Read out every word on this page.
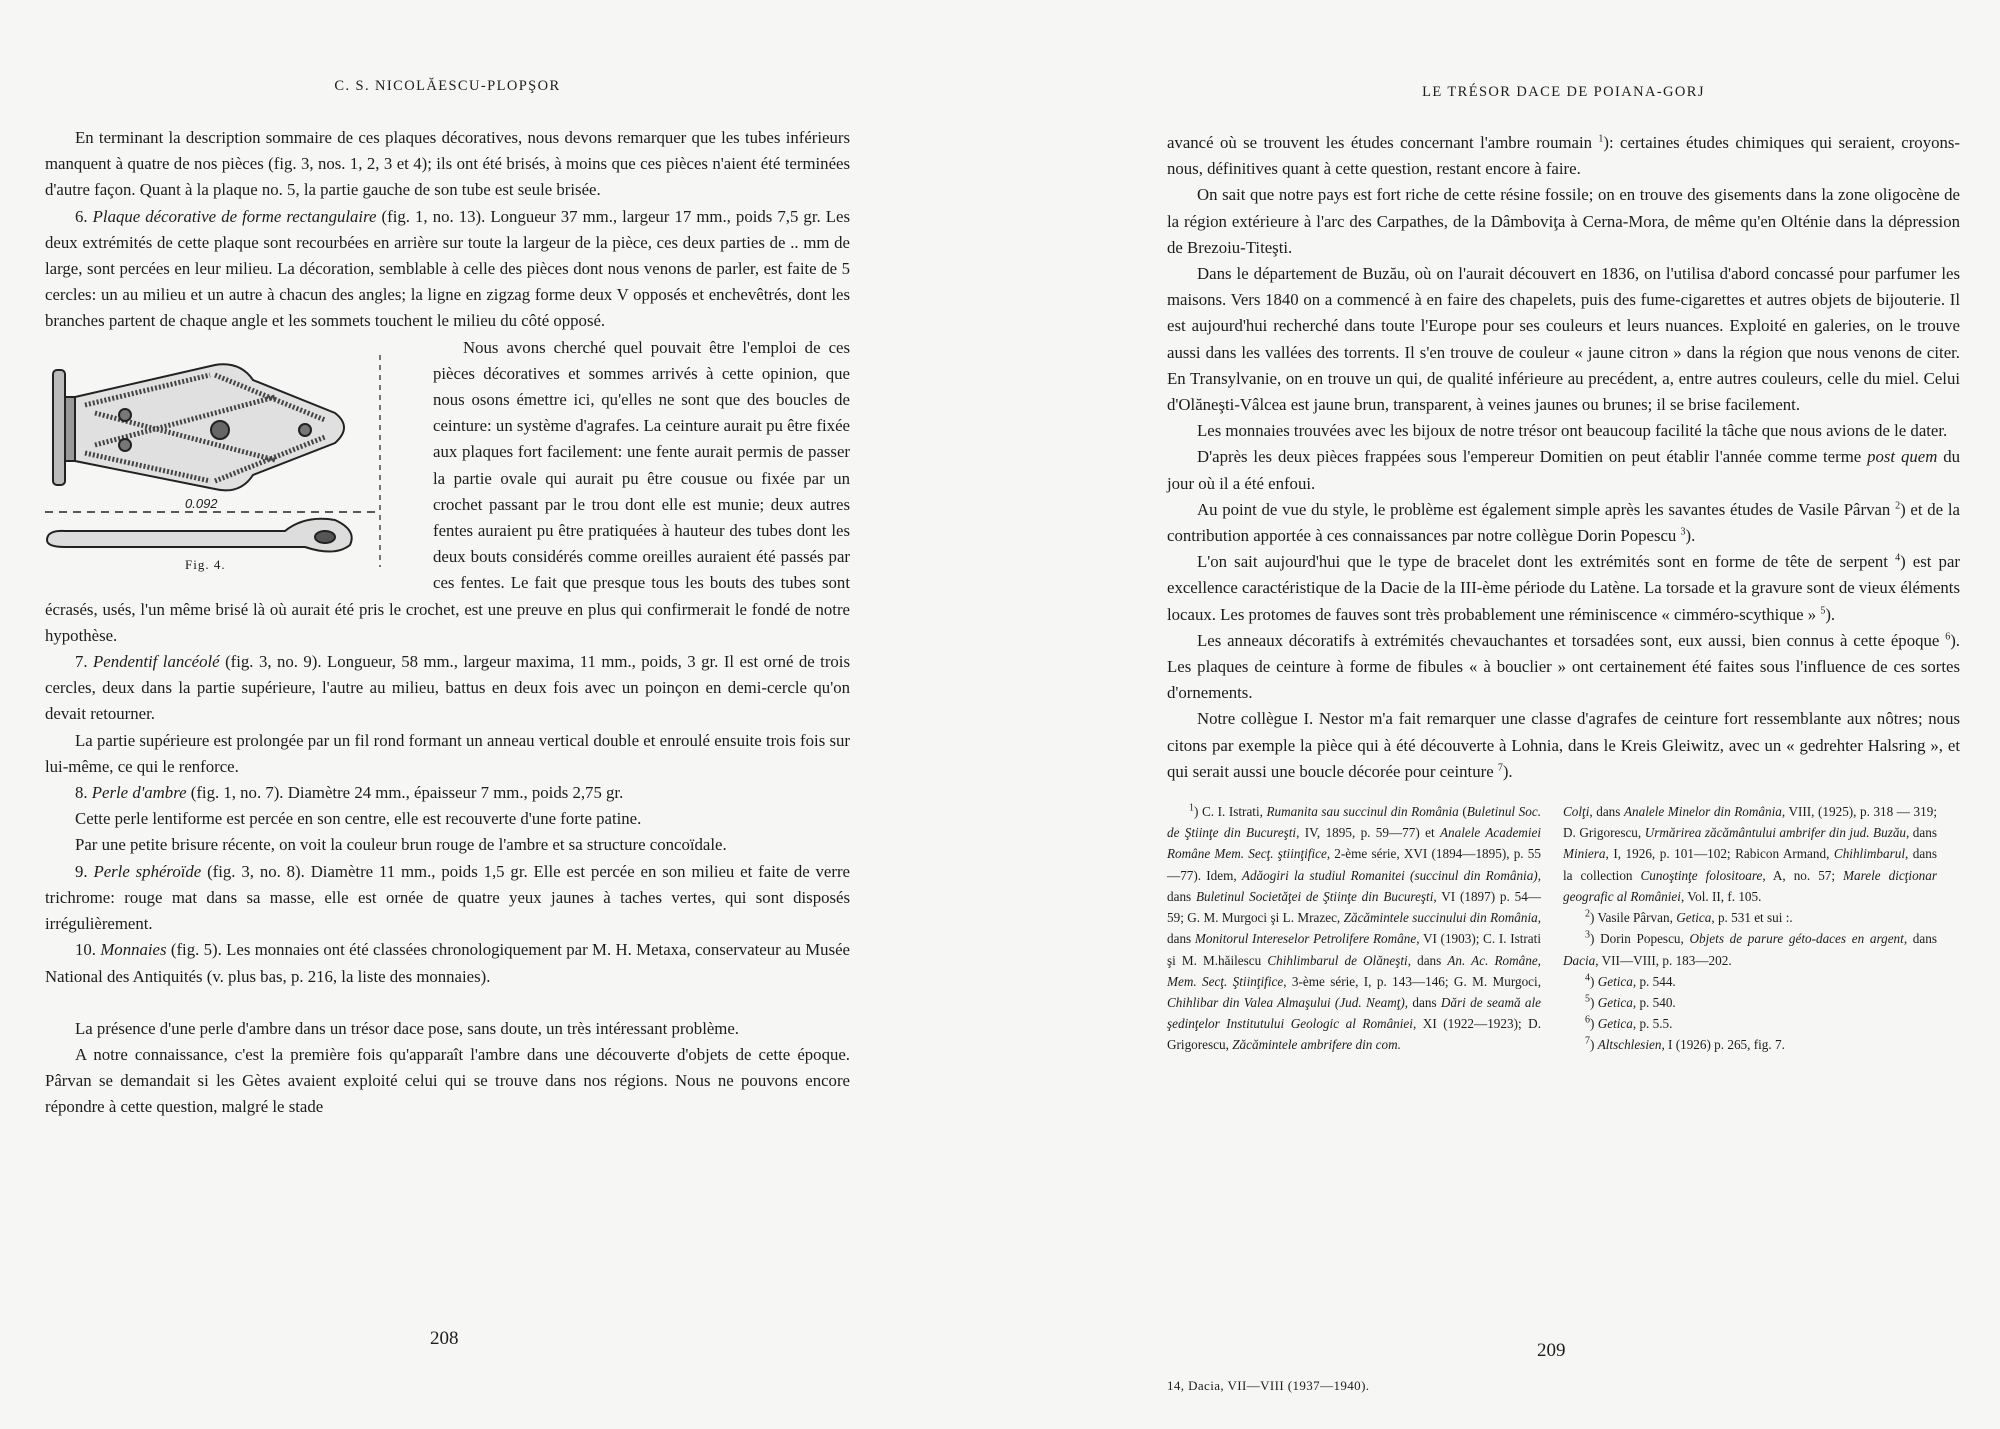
C. S. NICOLĂESCU-PLOPŞOR

En terminant la description sommaire de ces plaques décoratives, nous devons remarquer que les tubes inférieurs manquent à quatre de nos pièces (fig. 3, nos. 1, 2, 3 et 4); ils ont été brisés, à moins que ces pièces n'aient été terminées d'autre façon. Quant à la plaque no. 5, la partie gauche de son tube est seule brisée.

6. Plaque décorative de forme rectangulaire (fig. 1, no. 13). Longueur 37 mm., largeur 17 mm., poids 7,5 gr. Les deux extrémités de cette plaque sont recourbées en arrière sur toute la largeur de la pièce, ces deux parties de .. mm de large, sont percées en leur milieu. La décoration, semblable à celle des pièces dont nous venons de parler, est faite de 5 cercles: un au milieu et un autre à chacun des angles; la ligne en zigzag forme deux V opposés et enchevêtrés, dont les branches partent de chaque angle et les sommets touchent le milieu du côté opposé.

0.092
Fig. 4.

Nous avons cherché quel pouvait être l'emploi de ces pièces décoratives et sommes arrivés à cette opinion, que nous osons émettre ici, qu'elles ne sont que des boucles de ceinture: un système d'agrafes. La ceinture aurait pu être fixée aux plaques fort facilement: une fente aurait permis de passer la partie ovale qui aurait pu être cousue ou fixée par un crochet passant par le trou dont elle est munie; deux autres fentes auraient pu être pratiquées à hauteur des tubes dont les deux bouts considérés comme oreilles auraient été passés par ces fentes. Le fait que presque tous les bouts des tubes sont écrasés, usés, l'un même brisé là où aurait été pris le crochet, est une preuve en plus qui confirmerait le fondé de notre hypothèse.

7. Pendentif lancéolé (fig. 3, no. 9). Longueur, 58 mm., largeur maxima, 11 mm., poids, 3 gr. Il est orné de trois cercles, deux dans la partie supérieure, l'autre au milieu, battus en deux fois avec un poinçon en demi-cercle qu'on devait retourner.

La partie supérieure est prolongée par un fil rond formant un anneau vertical double et enroulé ensuite trois fois sur lui-même, ce qui le renforce.

8. Perle d'ambre (fig. 1, no. 7). Diamètre 24 mm., épaisseur 7 mm., poids 2,75 gr.

Cette perle lentiforme est percée en son centre, elle est recouverte d'une forte patine.

Par une petite brisure récente, on voit la couleur brun rouge de l'ambre et sa structure concoïdale.

9. Perle sphéroïde (fig. 3, no. 8). Diamètre 11 mm., poids 1,5 gr. Elle est percée en son milieu et faite de verre trichrome: rouge mat dans sa masse, elle est ornée de quatre yeux jaunes à taches vertes, qui sont disposés irrégulièrement.

10. Monnaies (fig. 5). Les monnaies ont été classées chronologiquement par M. H. Metaxa, conservateur au Musée National des Antiquités (v. plus bas, p. 216, la liste des monnaies).

La présence d'une perle d'ambre dans un trésor dace pose, sans doute, un très intéressant problème.

A notre connaissance, c'est la première fois qu'apparaît l'ambre dans une découverte d'objets de cette époque. Pârvan se demandait si les Gètes avaient exploité celui qui se trouve dans nos régions. Nous ne pouvons encore répondre à cette question, malgré le stade

208
LE TRÉSOR DACE DE POIANA-GORJ

avancé où se trouvent les études concernant l'ambre roumain $^1$): certaines études chimiques qui seraient, croyons-nous, définitives quant à cette question, restant encore à faire.

On sait que notre pays est fort riche de cette résine fossile; on en trouve des gisements dans la zone oligocène de la région extérieure à l'arc des Carpathes, de la Dâmboviţa à Cerna-Mora, de même qu'en Olténie dans la dépression de Brezoiu-Titeşti.

Dans le département de Buzău, où on l'aurait découvert en 1836, on l'utilisa d'abord concassé pour parfumer les maisons. Vers 1840 on a commencé à en faire des chapelets, puis des fume-cigarettes et autres objets de bijouterie. Il est aujourd'hui recherché dans toute l'Europe pour ses couleurs et leurs nuances. Exploité en galeries, on le trouve aussi dans les vallées des torrents. Il s'en trouve de couleur « jaune citron » dans la région que nous venons de citer. En Transylvanie, on en trouve un qui, de qualité inférieure au precédent, a, entre autres couleurs, celle du miel. Celui d'Olăneşti-Vâlcea est jaune brun, transparent, à veines jaunes ou brunes; il se brise facilement.

Les monnaies trouvées avec les bijoux de notre trésor ont beaucoup facilité la tâche que nous avions de le dater.

D'après les deux pièces frappées sous l'empereur Domitien on peut établir l'année comme terme post quem du jour où il a été enfoui.

Au point de vue du style, le problème est également simple après les savantes études de Vasile Pârvan $^2$) et de la contribution apportée à ces connaissances par notre collègue Dorin Popescu $^3$).

L'on sait aujourd'hui que le type de bracelet dont les extrémités sont en forme de tête de serpent $^4$) est par excellence caractéristique de la Dacie de la III-ème période du Latène. La torsade et la gravure sont de vieux éléments locaux. Les protomes de fauves sont très probablement une réminiscence « cimméro-scythique » $^5$).

Les anneaux décoratifs à extrémités chevauchantes et torsadées sont, eux aussi, bien connus à cette époque $^6$). Les plaques de ceinture à forme de fibules « à bouclier » ont certainement été faites sous l'influence de ces sortes d'ornements.

Notre collègue I. Nestor m'a fait remarquer une classe d'agrafes de ceinture fort ressemblante aux nôtres; nous citons par exemple la pièce qui à été découverte à Lohnia, dans le Kreis Gleiwitz, avec un « gedrehter Halsring », et qui serait aussi une boucle décorée pour ceinture $^7$).

$^1$) C. I. Istrati, Rumanita sau succinul din România (Buletinul Soc. de Ştiinţe din Bucureşti, IV, 1895, p. 59—77) et Analele Academiei Române Mem. Secţ. ştiinţifice, 2-ème série, XVI (1894—1895), p. 55—77). Idem, Adăogiri la studiul Romanitei (succinul din România), dans Buletinul Societăţei de Ştiinţe din Bucureşti, VI (1897) p. 54—59; G. M. Murgoci şi L. Mrazec, Zăcămintele succinului din România, dans Monitorul Intereselor Petrolifere Române, VI (1903); C. I. Istrati şi M. M.hăilescu Chihlimbarul de Olăneşti, dans An. Ac. Române, Mem. Secţ. Ştiinţifice, 3-ème série, I, p. 143—146; G. M. Murgoci, Chihlibar din Valea Almaşului (Jud. Neamţ), dans Dări de seamă ale şedinţelor Institutului Geologic al României, XI (1922—1923); D. Grigorescu, Zăcămintele ambrifere din com.
Colţi, dans Analele Minelor din România, VIII, (1925), p. 318 — 319; D. Grigorescu, Urmărirea zăcământului ambrifer din jud. Buzău, dans Miniera, I, 1926, p. 101—102; Rabicon Armand, Chihlimbarul, dans la collection Cunoştinţe folositoare, A, no. 57; Marele dicţionar geografic al României, Vol. II, f. 105.
$^2$) Vasile Pârvan, Getica, p. 531 et sui :.
$^3$) Dorin Popescu, Objets de parure géto-daces en argent, dans Dacia, VII—VIII, p. 183—202.
$^4$) Getica, p. 544.
$^5$) Getica, p. 540.
$^6$) Getica, p. 5.5.
$^7$) Altschlesien, I (1926) p. 265, fig. 7.
209
14, Dacia, VII—VIII (1937—1940).
